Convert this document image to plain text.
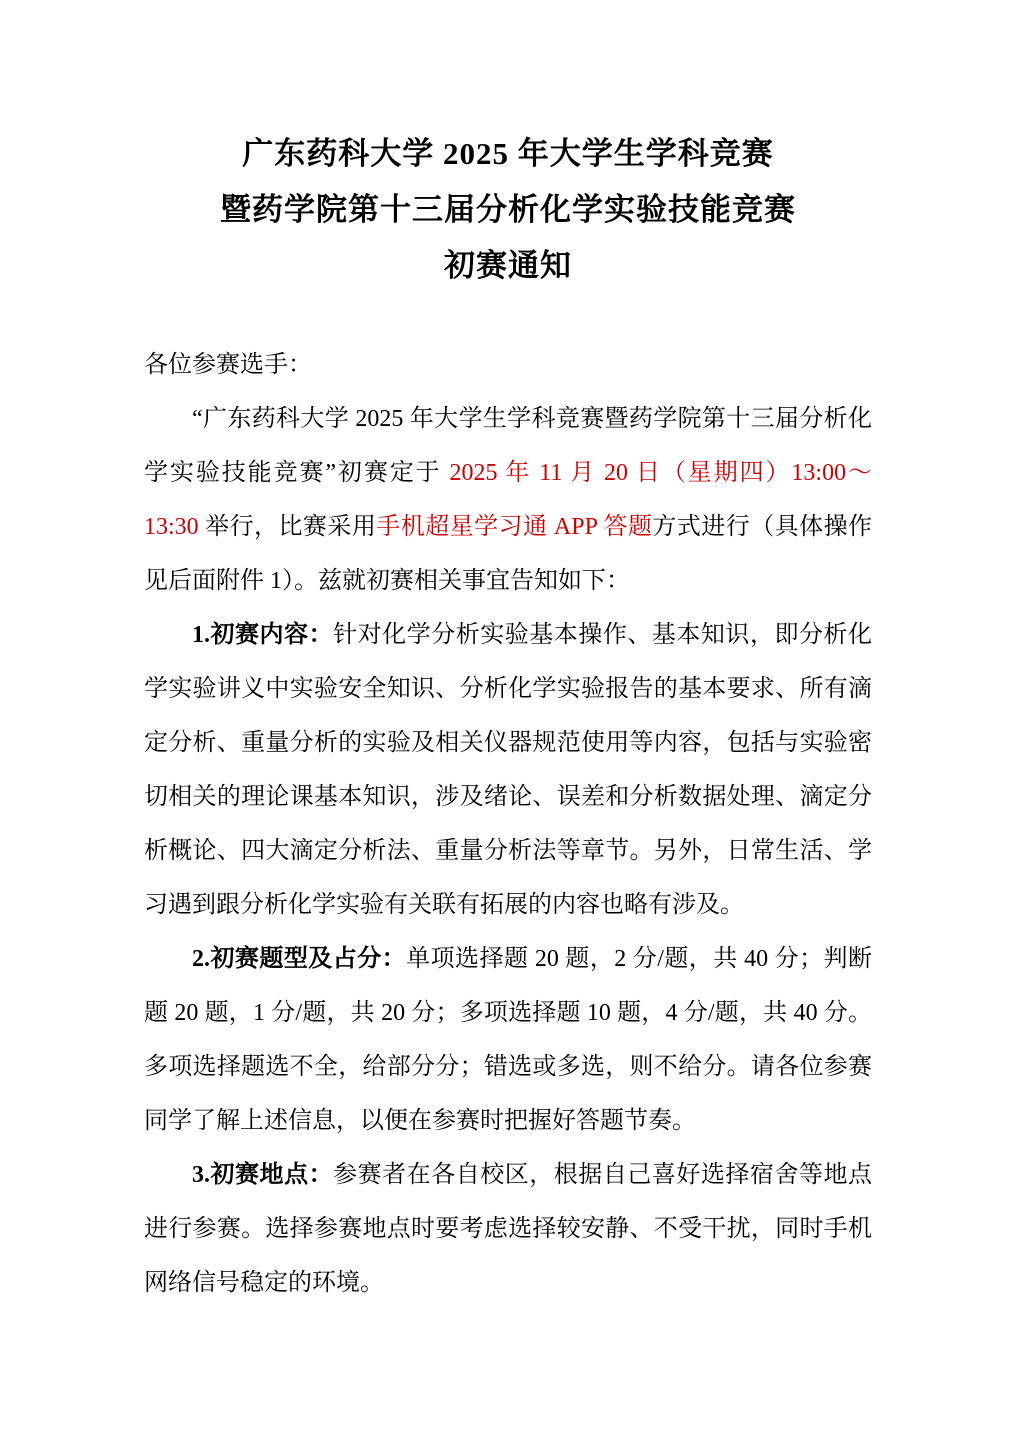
广东药科大学 2025 年大学生学科竞赛
暨药学院第十三届分析化学实验技能竞赛
初赛通知

各位参赛选手：

“广东药科大学 2025 年大学生学科竞赛暨药学院第十三届分析化学实验技能竞赛”初赛定于 2025 年 11 月 20 日（星期四）13:00～13:30 举行，比赛采用手机超星学习通 APP 答题方式进行（具体操作见后面附件 1）。兹就初赛相关事宜告知如下：

1.初赛内容：针对化学分析实验基本操作、基本知识，即分析化学实验讲义中实验安全知识、分析化学实验报告的基本要求、所有滴定分析、重量分析的实验及相关仪器规范使用等内容，包括与实验密切相关的理论课基本知识，涉及绪论、误差和分析数据处理、滴定分析概论、四大滴定分析法、重量分析法等章节。另外，日常生活、学习遇到跟分析化学实验有关联有拓展的内容也略有涉及。

2.初赛题型及占分：单项选择题 20 题，2 分/题，共 40 分；判断题 20 题，1 分/题，共 20 分；多项选择题 10 题，4 分/题，共 40 分。多项选择题选不全，给部分分；错选或多选，则不给分。请各位参赛同学了解上述信息，以便在参赛时把握好答题节奏。

3.初赛地点：参赛者在各自校区，根据自己喜好选择宿舍等地点进行参赛。选择参赛地点时要考虑选择较安静、不受干扰，同时手机网络信号稳定的环境。
